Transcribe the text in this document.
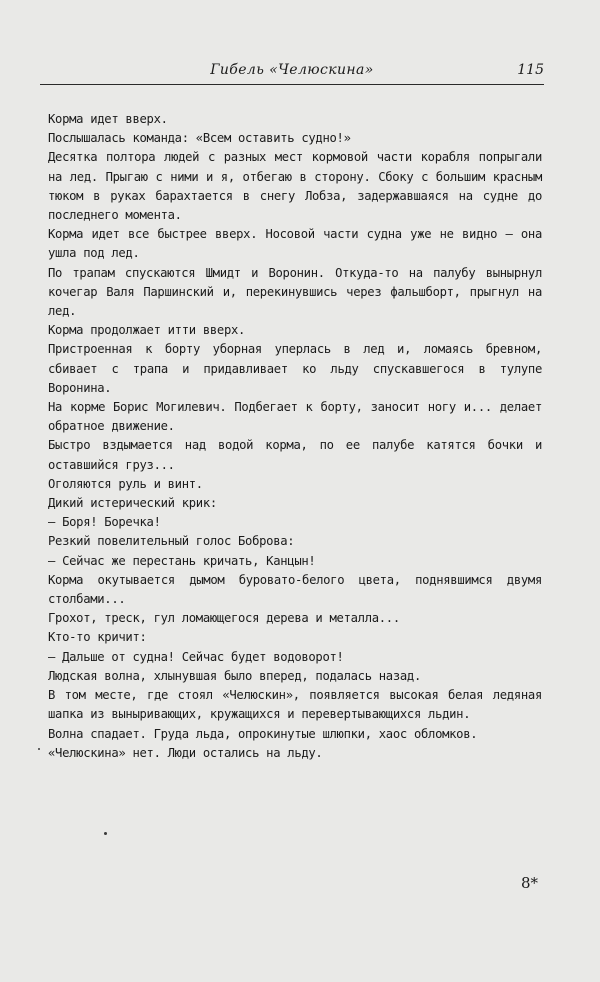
Гибель «Челюскина»	115

Корма идет вверх.

Послышалась команда: «Всем оставить судно!»

Десятка полтора людей с разных мест кормовой части корабля попрыгали на лед. Прыгаю с ними и я, отбегаю в сторону. Сбоку с большим красным тюком в руках барахтается в снегу Лобза, задержавшаяся на судне до последнего момента.

Корма идет все быстрее вверх. Носовой части судна уже не видно — она ушла под лед.

По трапам спускаются Шмидт и Воронин. Откуда-то на палубу вынырнул кочегар Валя Паршинский и, перекинувшись через фальшборт, прыгнул на лед.

Корма продолжает итти вверх.

Пристроенная к борту уборная уперлась в лед и, ломаясь бревном, сбивает с трапа и придавливает ко льду спускавшегося в тулупе Воронина.

На корме Борис Могилевич. Подбегает к борту, заносит ногу и... делает обратное движение.

Быстро вздымается над водой корма, по ее палубе катятся бочки и оставшийся груз...

Оголяются руль и винт.

Дикий истерический крик:

— Боря! Боречка!

Резкий повелительный голос Боброва:

— Сейчас же перестань кричать, Канцын!

Корма окутывается дымом буровато-белого цвета, поднявшимся двумя столбами...

Грохот, треск, гул ломающегося дерева и металла...

Кто-то кричит:

— Дальше от судна! Сейчас будет водоворот!

Людская волна, хлынувшая было вперед, подалась назад.

В том месте, где стоял «Челюскин», появляется высокая белая ледяная шапка из выныривающих, кружащихся и перевертывающихся льдин.

Волна спадает. Груда льда, опрокинутые шлюпки, хаос обломков.

«Челюскина» нет. Люди остались на льду.

8*
